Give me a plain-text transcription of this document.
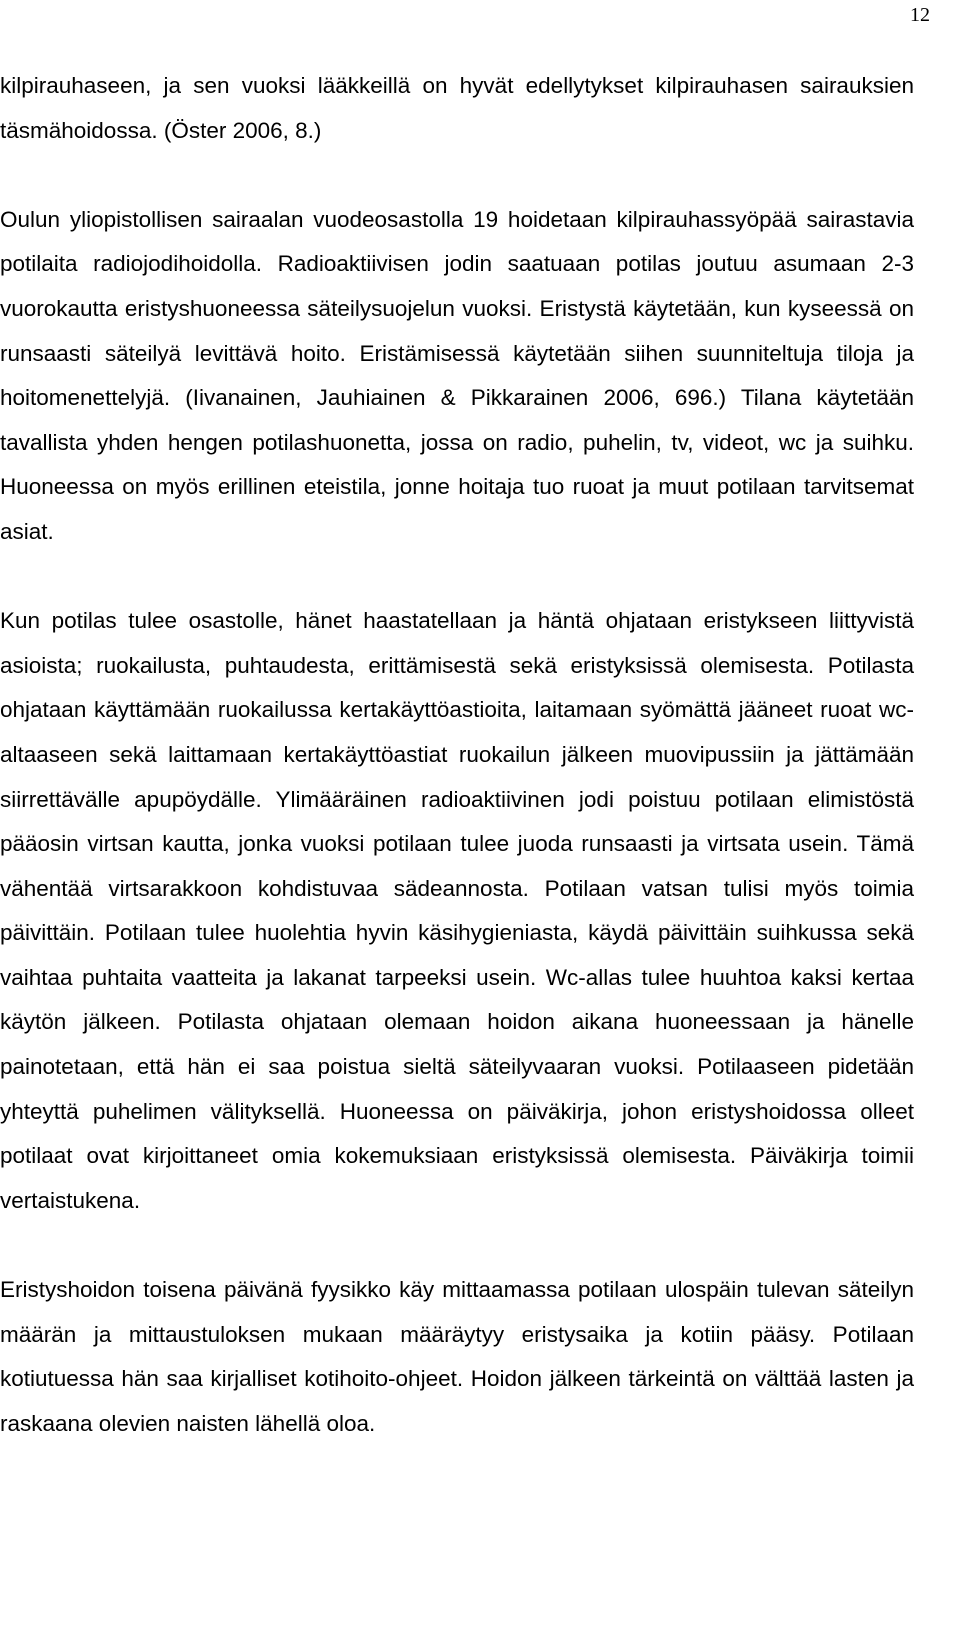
12

kilpirauhaseen, ja sen vuoksi lääkkeillä on hyvät edellytykset kilpirauhasen sairauksien täsmähoidossa. (Öster 2006, 8.)

Oulun yliopistollisen sairaalan vuodeosastolla 19 hoidetaan kilpirauhassyöpää sairastavia potilaita radiojodihoidolla. Radioaktiivisen jodin saatuaan potilas joutuu asumaan 2-3 vuorokautta eristyshuoneessa säteilysuojelun vuoksi. Eristystä käytetään, kun kyseessä on runsaasti säteilyä levittävä hoito. Eristämisessä käytetään siihen suunniteltuja tiloja ja hoitomenettelyjä. (Iivanainen, Jauhiainen & Pikkarainen 2006, 696.) Tilana käytetään tavallista yhden hengen potilashuonetta, jossa on radio, puhelin, tv, videot, wc ja suihku. Huoneessa on myös erillinen eteistila, jonne hoitaja tuo ruoat ja muut potilaan tarvitsemat asiat.

Kun potilas tulee osastolle, hänet haastatellaan ja häntä ohjataan eristykseen liittyvistä asioista; ruokailusta, puhtaudesta, erittämisestä sekä eristyksissä olemisesta. Potilasta ohjataan käyttämään ruokailussa kertakäyttöastioita, laitamaan syömättä jääneet ruoat wc-altaaseen sekä laittamaan kertakäyttöastiat ruokailun jälkeen muovipussiin ja jättämään siirrettävälle apupöydälle. Ylimääräinen radioaktiivinen jodi poistuu potilaan elimistöstä pääosin virtsan kautta, jonka vuoksi potilaan tulee juoda runsaasti ja virtsata usein. Tämä vähentää virtsarakkoon kohdistuvaa sädeannosta. Potilaan vatsan tulisi myös toimia päivittäin. Potilaan tulee huolehtia hyvin käsihygieniasta, käydä päivittäin suihkussa sekä vaihtaa puhtaita vaatteita ja lakanat tarpeeksi usein. Wc-allas tulee huuhtoa kaksi kertaa käytön jälkeen. Potilasta ohjataan olemaan hoidon aikana huoneessaan ja hänelle painotetaan, että hän ei saa poistua sieltä säteilyvaaran vuoksi. Potilaaseen pidetään yhteyttä puhelimen välityksellä. Huoneessa on päiväkirja, johon eristyshoidossa olleet potilaat ovat kirjoittaneet omia kokemuksiaan eristyksissä olemisesta. Päiväkirja toimii vertaistukena.

Eristyshoidon toisena päivänä fyysikko käy mittaamassa potilaan ulospäin tulevan säteilyn määrän ja mittaustuloksen mukaan määräytyy eristysaika ja kotiin pääsy. Potilaan kotiutuessa hän saa kirjalliset kotihoito-ohjeet. Hoidon jälkeen tärkeintä on välttää lasten ja raskaana olevien naisten lähellä oloa.
